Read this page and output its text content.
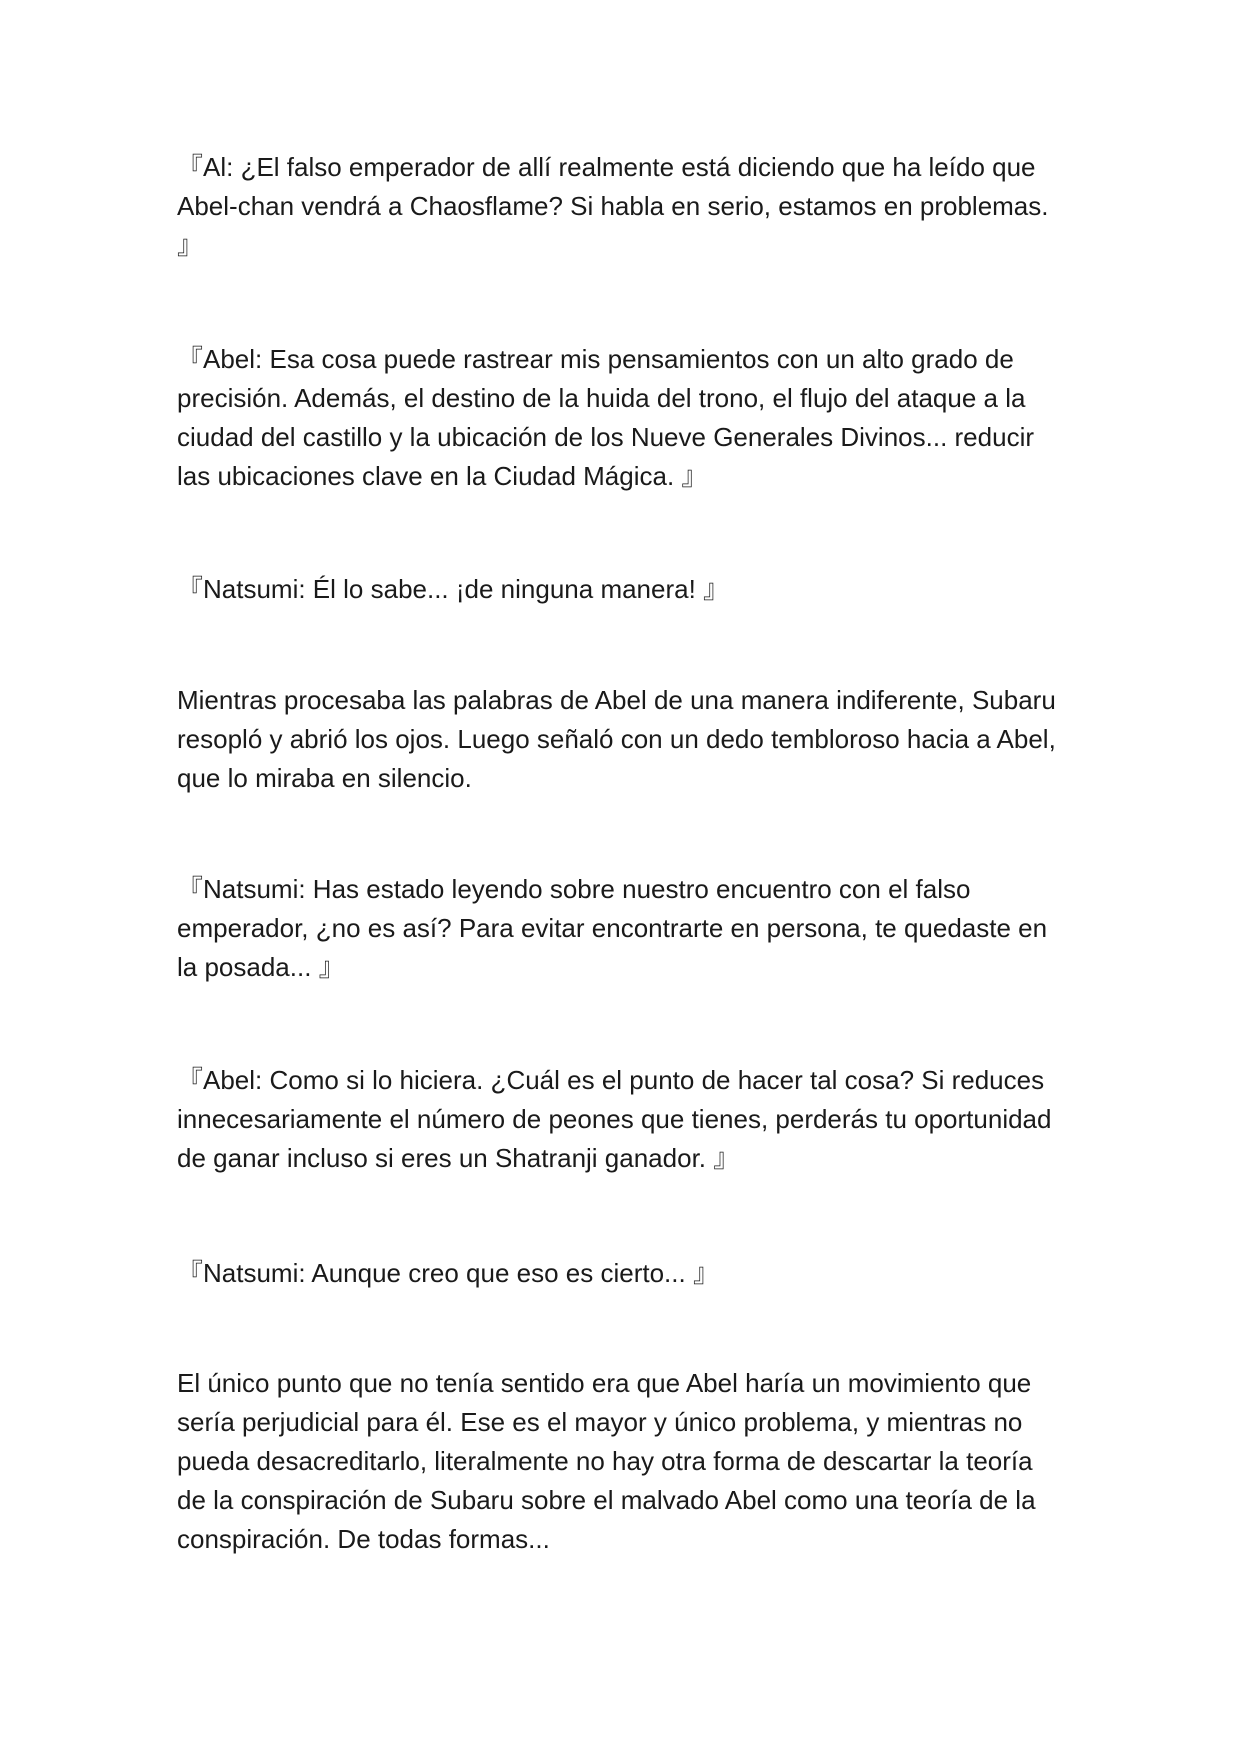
『Al: ¿El falso emperador de allí realmente está diciendo que ha leído que Abel-chan vendrá a Chaosflame? Si habla en serio, estamos en problemas. 』

『Abel: Esa cosa puede rastrear mis pensamientos con un alto grado de precisión. Además, el destino de la huida del trono, el flujo del ataque a la ciudad del castillo y la ubicación de los Nueve Generales Divinos... reducir las ubicaciones clave en la Ciudad Mágica. 』

『Natsumi: Él lo sabe... ¡de ninguna manera! 』

Mientras procesaba las palabras de Abel de una manera indiferente, Subaru resopló y abrió los ojos. Luego señaló con un dedo tembloroso hacia a Abel, que lo miraba en silencio.

『Natsumi: Has estado leyendo sobre nuestro encuentro con el falso emperador, ¿no es así? Para evitar encontrarte en persona, te quedaste en la posada... 』

『Abel: Como si lo hiciera. ¿Cuál es el punto de hacer tal cosa? Si reduces innecesariamente el número de peones que tienes, perderás tu oportunidad de ganar incluso si eres un Shatranji ganador. 』

『Natsumi: Aunque creo que eso es cierto... 』

El único punto que no tenía sentido era que Abel haría un movimiento que sería perjudicial para él. Ese es el mayor y único problema, y mientras no pueda desacreditarlo, literalmente no hay otra forma de descartar la teoría de la conspiración de Subaru sobre el malvado Abel como una teoría de la conspiración. De todas formas...
